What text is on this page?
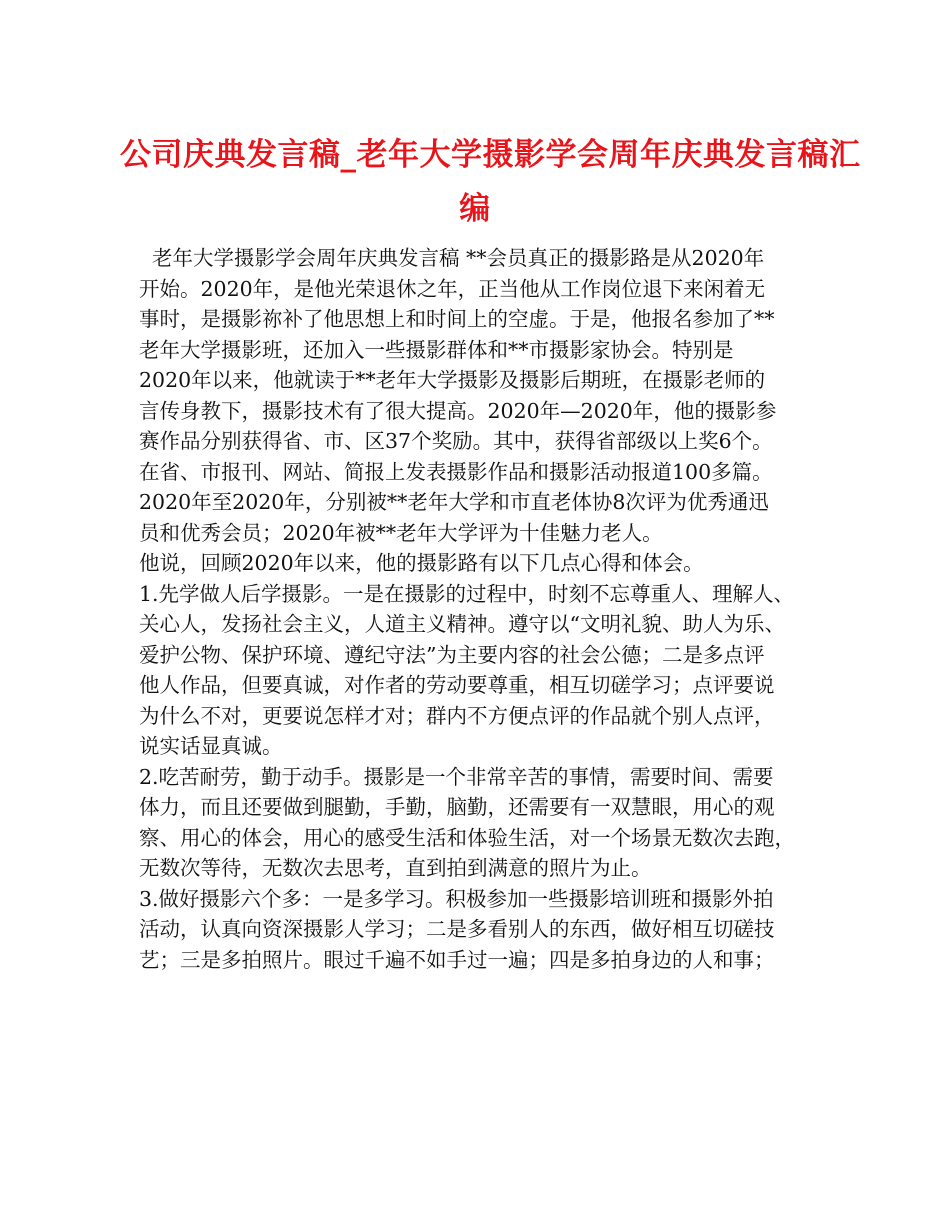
公司庆典发言稿_老年大学摄影学会周年庆典发言稿汇
编
老年大学摄影学会周年庆典发言稿 **会员真正的摄影路是从2020年
开始。2020年，是他光荣退休之年，正当他从工作岗位退下来闲着无
事时，是摄影祢补了他思想上和时间上的空虚。于是，他报名参加了**
老年大学摄影班，还加入一些摄影群体和**市摄影家协会。特别是
2020年以来，他就读于**老年大学摄影及摄影后期班，在摄影老师的
言传身教下，摄影技术有了很大提高。2020年—2020年，他的摄影参
赛作品分别获得省、市、区37个奖励。其中，获得省部级以上奖6个。
在省、市报刊、网站、简报上发表摄影作品和摄影活动报道100多篇。
2020年至2020年，分别被**老年大学和市直老体协8次评为优秀通迅
员和优秀会员；2020年被**老年大学评为十佳魅力老人。
他说，回顾2020年以来，他的摄影路有以下几点心得和体会。
1.先学做人后学摄影。一是在摄影的过程中，时刻不忘尊重人、理解人、
关心人，发扬社会主义，人道主义精神。遵守以“文明礼貌、助人为乐、
爱护公物、保护环境、遵纪守法”为主要内容的社会公德；二是多点评
他人作品，但要真诚，对作者的劳动要尊重，相互切磋学习；点评要说
为什么不对，更要说怎样才对；群内不方便点评的作品就个别人点评，
说实话显真诚。
2.吃苦耐劳，勤于动手。摄影是一个非常辛苦的事情，需要时间、需要
体力，而且还要做到腿勤，手勤，脑勤，还需要有一双慧眼，用心的观
察、用心的体会，用心的感受生活和体验生活，对一个场景无数次去跑，
无数次等待，无数次去思考，直到拍到满意的照片为止。
3.做好摄影六个多：一是多学习。积极参加一些摄影培训班和摄影外拍
活动，认真向资深摄影人学习；二是多看别人的东西，做好相互切磋技
艺；三是多拍照片。眼过千遍不如手过一遍；四是多拍身边的人和事；
